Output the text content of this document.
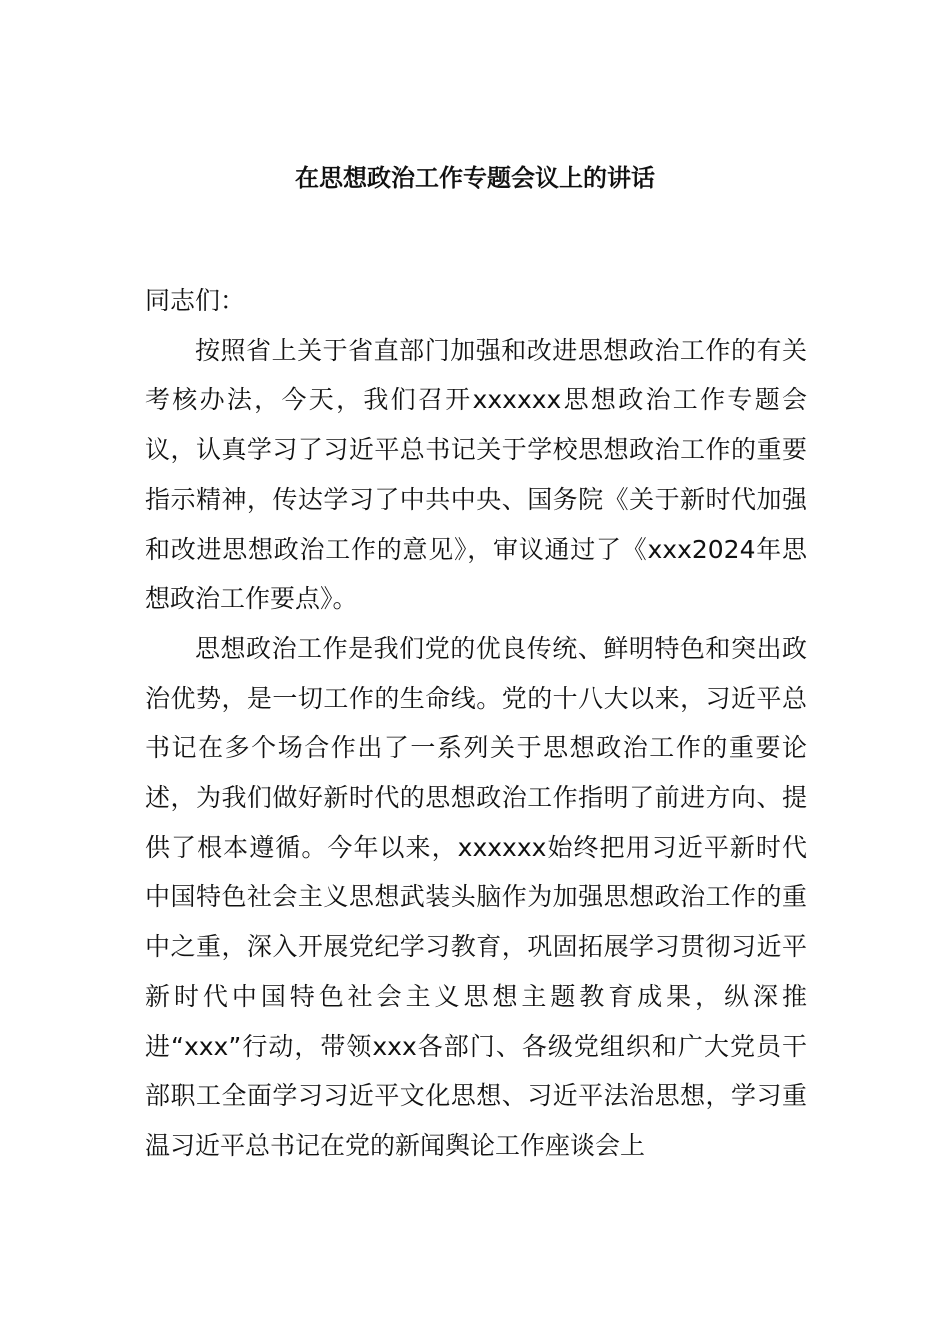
在思想政治工作专题会议上的讲话

同志们：

按照省上关于省直部门加强和改进思想政治工作的有关考核办法，今天，我们召开xxxxxx思想政治工作专题会议，认真学习了习近平总书记关于学校思想政治工作的重要指示精神，传达学习了中共中央、国务院《关于新时代加强和改进思想政治工作的意见》，审议通过了《xxx2024年思想政治工作要点》。

思想政治工作是我们党的优良传统、鲜明特色和突出政治优势，是一切工作的生命线。党的十八大以来，习近平总书记在多个场合作出了一系列关于思想政治工作的重要论述，为我们做好新时代的思想政治工作指明了前进方向、提供了根本遵循。今年以来，xxxxxx始终把用习近平新时代中国特色社会主义思想武装头脑作为加强思想政治工作的重中之重，深入开展党纪学习教育，巩固拓展学习贯彻习近平新时代中国特色社会主义思想主题教育成果，纵深推进“xxx”行动，带领xxx各部门、各级党组织和广大党员干部职工全面学习习近平文化思想、习近平法治思想，学习重温习近平总书记在党的新闻舆论工作座谈会上
